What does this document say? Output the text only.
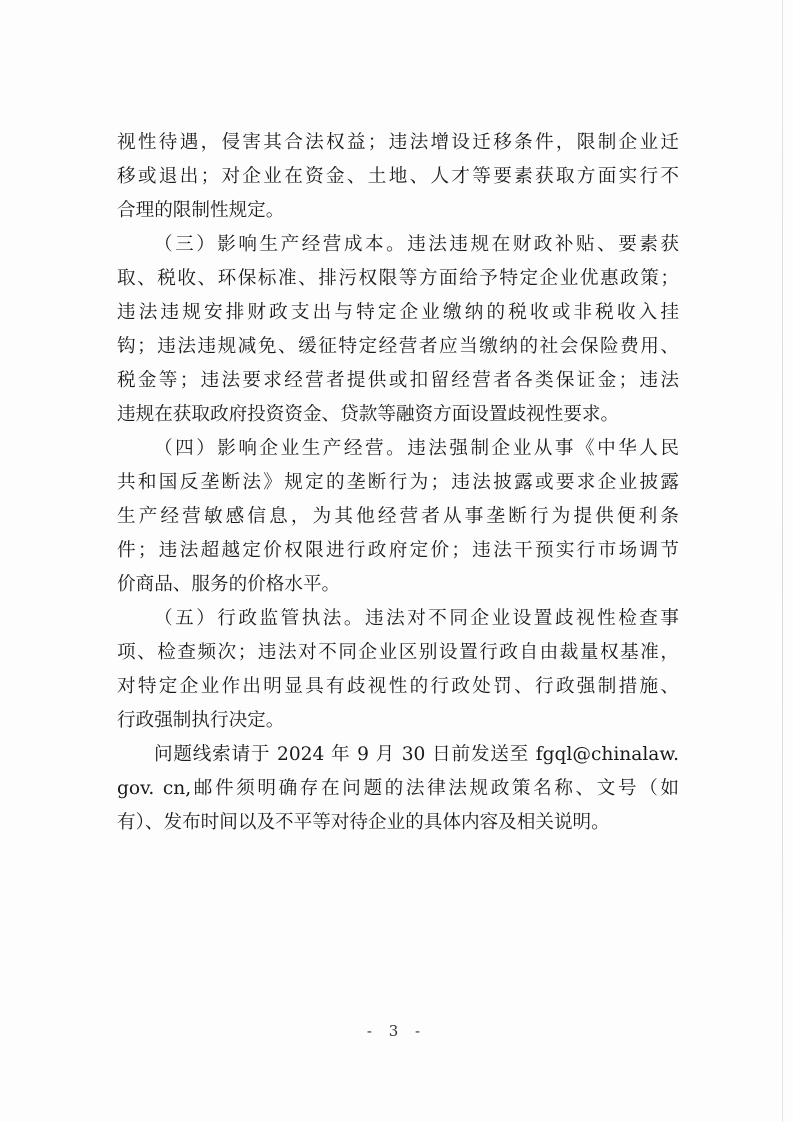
视性待遇，侵害其合法权益；违法增设迁移条件，限制企业迁
移或退出；对企业在资金、土地、人才等要素获取方面实行不
合理的限制性规定。
（三）影响生产经营成本。违法违规在财政补贴、要素获
取、税收、环保标准、排污权限等方面给予特定企业优惠政策；
违法违规安排财政支出与特定企业缴纳的税收或非税收入挂
钩；违法违规减免、缓征特定经营者应当缴纳的社会保险费用、
税金等；违法要求经营者提供或扣留经营者各类保证金；违法
违规在获取政府投资资金、贷款等融资方面设置歧视性要求。
（四）影响企业生产经营。违法强制企业从事《中华人民
共和国反垄断法》规定的垄断行为；违法披露或要求企业披露
生产经营敏感信息，为其他经营者从事垄断行为提供便利条
件；违法超越定价权限进行政府定价；违法干预实行市场调节
价商品、服务的价格水平。
（五）行政监管执法。违法对不同企业设置歧视性检查事
项、检查频次；违法对不同企业区别设置行政自由裁量权基准，
对特定企业作出明显具有歧视性的行政处罚、行政强制措施、
行政强制执行决定。
问题线索请于 2024 年 9 月 30 日前发送至 fgql@chinalaw.
gov. cn,邮件须明确存在问题的法律法规政策名称、文号（如
有）、发布时间以及不平等对待企业的具体内容及相关说明。
- 3 -
